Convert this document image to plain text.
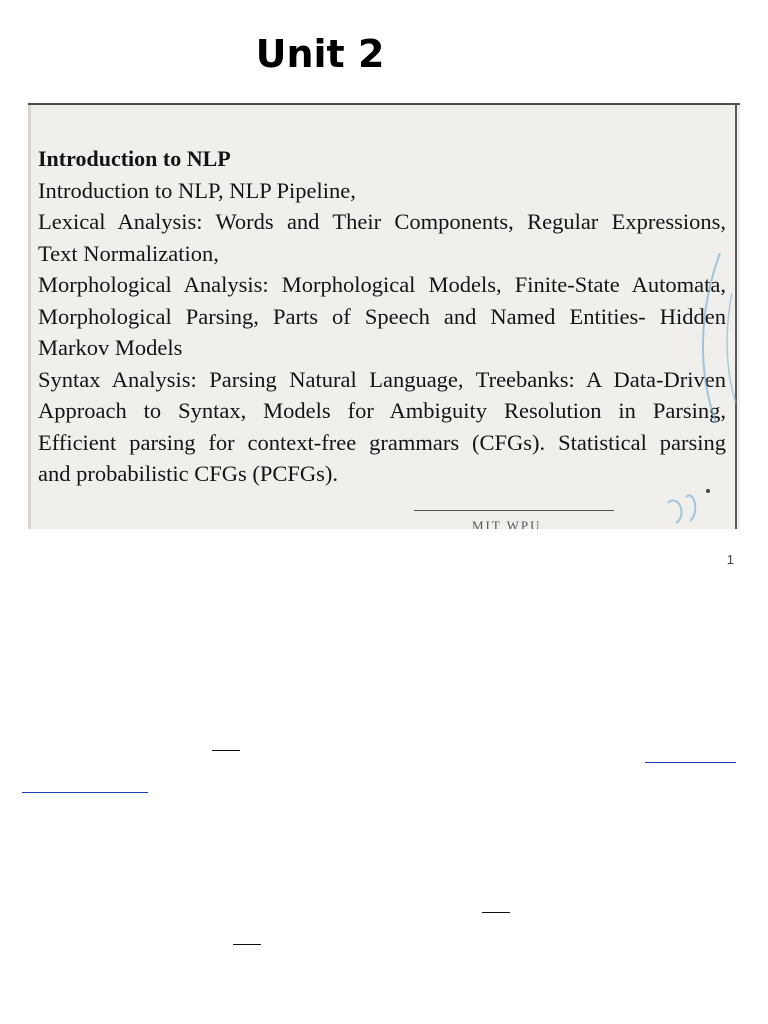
Unit 2
Introduction to NLP
Introduction to NLP, NLP Pipeline,
Lexical Analysis: Words and Their Components, Regular Expressions,
Text Normalization,
Morphological Analysis: Morphological Models, Finite-State Automata,
Morphological Parsing, Parts of Speech and Named Entities- Hidden
Markov Models
Syntax Analysis: Parsing Natural Language, Treebanks: A Data-Driven
Approach to Syntax, Models for Ambiguity Resolution in Parsing,
Efficient parsing for context-free grammars (CFGs). Statistical parsing
and probabilistic CFGs (PCFGs).
MIT WPU
1
